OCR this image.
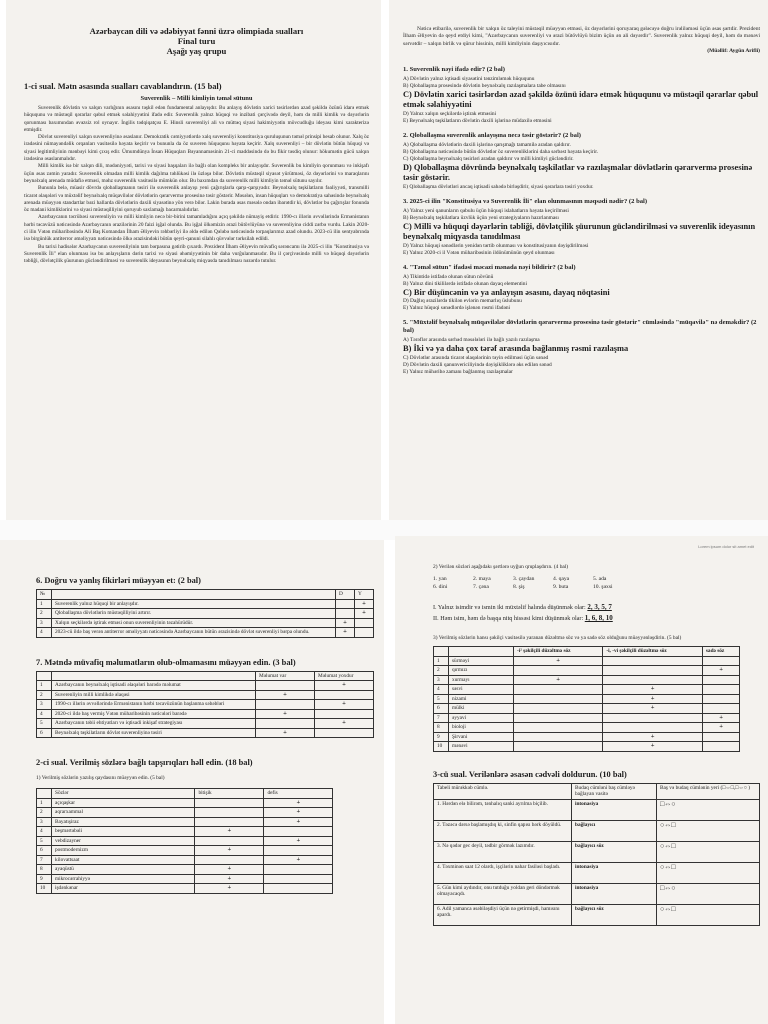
Azərbaycan dili və ədəbiyyat fənni üzrə olimpiada sualları
Final turu
Aşağı yaş qrupu
1-ci sual. Mətn əsasında sualları cavablandırın. (15 bal)
Suverenlik – Milli kimliyin təməl sütunu

Suverenlik dövlətin və xalqın varlığının əsasını təşkil edən fundamental anlayışdır. Bu anlayış dövlətin xarici təsirlərdən azad şəkildə özünü idarə etmək hüququnu və müstəqil qərarlar qəbul etmək səlahiyyətini ifadə edir. Suverenlik yalnız hüquqi və inzibati çərçivədə deyil, həm də milli kimlik və dəyərlərin qorunması baxımından əvəzsiz rol oynayır. İngilis tədqiqatçısı E. Hinsli suverenliyi ali və müttəq siyasi hakimiyyətin mövcudluğu ideyası kimi xarakterizə etmişdir.

Dövlət suverenliyi xalqın suverenliyinə əsaslanır. Demokratik cəmiyyətlərdə xalq suverenliyi konstitusiya quruluşunun təməl prinsipi hesab olunur. Xalq öz iradəsini nümayəndəlik orqanları vasitəsilə həyata keçirir və bununla da öz suveren hüququnu həyata keçirir. Xalq suverenliyi – bir dövlətin bütün hüquqi və siyasi legitimliyinin mənbəyi kimi çıxış edir. Ümumdünya İnsan Hüquqları Bəyannaməsinin 21-ci maddəsində də bu fikir təsdiq olunur: hökumətin gücü xalqın iradəsinə əsaslanmalıdır.

Milli kimlik isə bir xalqın dili, mədəniyyəti, tarixi və siyasi başqaları ilə bağlı olan kompleks bir anlayışdır. Suverenlik bu kimliyin qorunması və inkişafı üçün əsas zəmin yaradır. Suverenlik olmadan milli kimlik dağılma təhlükəsi ilə üzləşə bilər. Dövlətin müstəqil siyasət yürütməsi, öz dəyərlərini və maraqlarını beynəlxalq arenada müdafiə etməsi, məhz suverenlik vasitəsilə mümkün olur. Bu baxımdan da suverenlik milli kimliyin təməl sütunu sayılır.

Bununla belə, müasir dövrdə qloballaşmanın təsiri ilə suverenlik anlayışı yeni çağırışlarla qarşı-qarşıyadır. Beynəlxalq təşkilatların fəaliyyəti, transmilli ticarət əlaqələri və müxtəlif beynəlxalq müqavilələr dövlətlərin qərarvermə prosesinə təsir göstərir. Məsələn, insan hüquqları və demokratiya sahəsində beynəlxalq arenada müəyyən standartlar bəzi hallarda dövlətlərin daxili siyasətinə yön verə bilər. Lakin burada əsas məsələ ondan ibarətdir ki, dövlətlər bu çağırışlar fonunda öz madani kimliklərini və siyasi müstəqilliyini qoruyub saxlamağı bacarmalıdırlar.

Azərbaycanın təcrübəsi suverenliyin və milli kimliyin necə bir-birini tamamladığını açıq şəkildə nümayiş etdirir. 1990-cı illərin əvvəllərində Ermənistanın hərbi təcavüzü nəticəsində Azərbaycanın ərazilərinin 20 faizi işğal olunda. Bu işğal ölkəmizin ərazi bütövlüyünə və suverenliyinə ciddi zərbə vurdu. Lakin 2020-ci ilin Vətən müharibəsində Ali Baş Komandan İlham Əliyevin rəhbərliyi ilə əldə edilən Qələbə nəticəsində torpaqlarımız azad olundu. 2023-cü ilin sentyabrında isə birgünlük antiterror əməliyyatı nəticəsində ölkə ərazisindəki bütün qeyri-qanuni silahlı qüvvələr tərksilah edildi.

Bu tarixi hadisələr Azərbaycanın suverenliyinin tam bərpasına gətirib çıxardı. Prezident İlham Əliyevin müvafiq sərəncamı ilə 2025-ci ilin "Konstitusiya və Suverenlik İli" elan olunması isə bu anlayışların dərin tarixi və siyasi əhəmiyyətinin bir daha vurğulanmasıdır. Bu il çərçivəsində milli və hüquqi dəyərlərin təbliği, dövlətçilik şüurunun gücləndirilməsi və suverenlik ideyasının beynəlxalq miqyasda tanıdılması nəzərdə tutulur.

Nəticə etibarilə, suverenlik bir xalqın öz taleyini müstəqil müəyyən etməsi, öz dəyərlərini qoruyaraq gələcəyə doğru irəliləməsi üçün əsas şərtdir. Prezident İlham Əliyevin də qeyd etdiyi kimi, "Azərbaycanın suverenliyi və ərazi bütövlüyü bizim üçün ən ali dəyərdir". Suverenlik yalnız hüquqi deyil, həm də mənəvi sərvətdir – xalqın birlik və qürur hissinin, milli kimliyinin daşıyıcısıdır.

(Müəllif: Aygün Arifli)

1. Suverenlik nəyi ifadə edir? (2 bal)
A) Dövlətin yalnız iqtisadi siyasətini tənzimləmək hüququnu
B) Qloballaşma prosesində dövlətin beynəlxalq razılaşmalara tabe olmasını
C) Dövlətin xarici təsirlərdən azad şəkildə özünü idarə etmək hüququnu və müstəqil qərarlar qəbul etmək səlahiyyətini
D) Yalnız xalqın seçkilərdə iştirak etməsini
E) Beynəlxalq təşkilatların dövlətin daxili işlərinə müdaxilə etməsini
2. Qloballaşma suverenlik anlayışına necə təsir göstərir? (2 bal)
A) Qloballaşma dövlətlərin daxili işlərinə qarışmağı tamamilə aradan qaldırır.
B) Qloballaşma nəticəsində bütün dövlətlər öz suverenliklərini daha sərbəst həyata keçirir.
C) Qloballaşma beynəlxalq təsirləri aradan qaldırır və milli kimliyi gücləndirir.
D) Qloballaşma dövründə beynəlxalq təşkilatlar və razılaşmalar dövlətlərin qərarvermə prosesinə təsir göstərir.
E) Qloballaşma dövlətləri ancaq iqtisadi sahədə birləşdirir, siyasi qərarlara təsiri yoxdur.
3. 2025-ci ilin "Konstitusiya və Suverenlik İli" elan olunmasının məqsədi nədir? (2 bal)
A) Yalnız yeni qanunların qəbulu üçün hüquqi islahatların həyata keçirilməsi
B) Beynəlxalq təşkilatlara üzvlük üçün yeni strategiyaların hazırlanması
C) Milli və hüquqi dəyərlərin təbliği, dövlətçilik şüurunun gücləndirilməsi və suverenlik ideyasının beynəlxalq miqyasda tanıdılması
D) Yalnız hüquqi sənədlərin yenidən tərtib olunması və konstitusiyanın dəyişdirilməsi
E) Yalnız 2020-ci il Vətən müharibəsinin ildönümünün qeyd olunması
4. "Təməl sütun" ifadəsi məcazi mənada nəyi bildirir? (2 bal)
A) Tikintidə istifadə olunan sütun növünü
B) Yalnız dini tikililərdə istifadə olunan dayaq elementini
C) Bir düşüncənin və ya anlayışın əsasını, dayaq nöqtəsini
D) Dağlıq ərazilərdə tikilən evlərin memarlıq üslubunu
E) Yalnız hüquqi sənədlərdə işlənən rəsmi ifadəni
5. "Müxtəlif beynəlxalq müqavilələr dövlətlərin qərarvermə prosesinə təsir göstərir" cümləsində "müqavilə" nə deməkdir? (2 bal)
A) Tərəflər arasında sərhəd məsələləri ilə bağlı yazılı razılaşma
B) İki və ya daha çox tərəf arasında bağlanmış rəsmi razılaşma
C) Dövlətlər arasında ticarət əlaqələrinin təyin edilməsi üçün sənəd
D) Dövlətin daxili qanunvericiliyində dəyişikliklərə əks edilən sənəd
E) Yalnız mühəribə zamanı bağlanmış razılaşmalar
6. Doğru və yanlış fikirləri müəyyən et: (2 bal)
№		D	Y
1	Suverenlik yalnız hüquqi bir anlayışdır.		+
2	Qloballaşma dövlətlərin müstəqilliyini artırır.		+
3	Xalqın seçkilərdə iştirak etməsi onun suverenliyinin təzahürüdür.	+	
4	2023-cü ildə baş verən antiterror əməliyyatı nəticəsində Azərbaycanın bütün ərazisində dövlət suverenliyi bərpa olundu.	+	
7. Mətndə müvafiq məlumatların olub-olmamasını müəyyən edin. (3 bal)
		Məlumat var	Məlumat yoxdur
1	Azərbaycanın beynəlxalq iqtisadi əlaqələri barədə məlumat		+
2	Suverenliyin milli kimlikdə əlaqəsi	+	
3	1990-cı illərin əvvəllərində Ermənistanın hərbi təcavüzünün başlanma səbəbləri		+
4	2020-ci ildə baş vermiş Vətən müharibəsinin nəticələri barədə	+	
5	Azərbaycanın təbii ehtiyatları və iqtisadi inkişaf strategiyası		+
6	Beynəlxalq təşkilatların dövlət suverenliyinə təsiri	+	
2-ci sual. Verilmiş sözlərə bağlı tapşırıqları həll edin. (18 bal)
1) Verilmiş sözlərin yazılış qaydasını müəyyən edin. (5 bal)
	Sözlər	bitişik	defis
1	açıqaşkar		+
2	aqrarxammal		+
3	Bayatışiraz		+
4	beşmərtəbəli	+	
5	vebdizayner		+
6	postmodernizm	+	
7	kilovattsaat		+
8	ayaqüstü	+	
9	mikrocərrahiyyə	+	
10	işdənkənar	+	
Lorem ipsum dolor sit amet edit
2) Verilən sözləri aşağıdakı şərtlərə uyğun qruplaşdırın. (4 bal)

1. yan	2. maya	3. çaydan	4. qaya	5. ada

6. dini	7. çəna	8. şiş	9. buta	10. şəxsi

I. Yalnız isimdir və ismin iki müxtəlif halında düşünmək olar: 2, 3, 5, 7

II. Həm isim, həm də başqa nitq hissəsi kimi düşünmək olar: 1, 6, 8, 10

3) Verilmiş sözlərin hansı şəkilçi vasitəsilə yaranan düzəltmə söz və ya sadə söz olduğunu müəyyənləşdirin. (5 bal)
		-i² şəkilçili düzəltmə söz	-i, -vi şəkilçili düzəltmə söz	sadə söz
1	sürməyi	+		
2	qırmızı			+
3	xurmayı	+		
4	səsvi		+	
5	nizami		+	
6	mülki		+	
7	əyyavi			+
8	bioloji			+
9	Şirvani		+	
10	mənəvi		+	
3-cü sual. Verilənlərə əsasən cədvəli doldurun. (10 bal)
Tabeli mürəkkəb cümlə.	Budaq cümləni baş cümləyə bağlayan vasitə	Baş və budaq cümlənin yeri (□⇔□,□⇔○ )
1. Hərdən elə bilirəm, tənhalıq sanki ayrılma biçilib.	intonasiya	□⇔○
2. Təzəcə dərsə başlamışdıq ki, sinfin qapısı bərk döyüldü.	bağlayıcı	○⇔□
3. Nə qədər gec deyil, tədbir görmək lazımdır.	bağlayıcı söz	○⇔□
4. Təxminən saat 12 olardı, işçilərin nahar fasiləsi başladı.	intonasiya	○⇔□
5. Gün kimi aydındır, onu tutduğu yoldan geri döndərmək olmayacaqdı.	intonasiya	□⇔○
6. Adil yamanca əsəbiləşdiyi üçün nə getirmişdi, hamısını apardı.	bağlayıcı söz	○⇔□
